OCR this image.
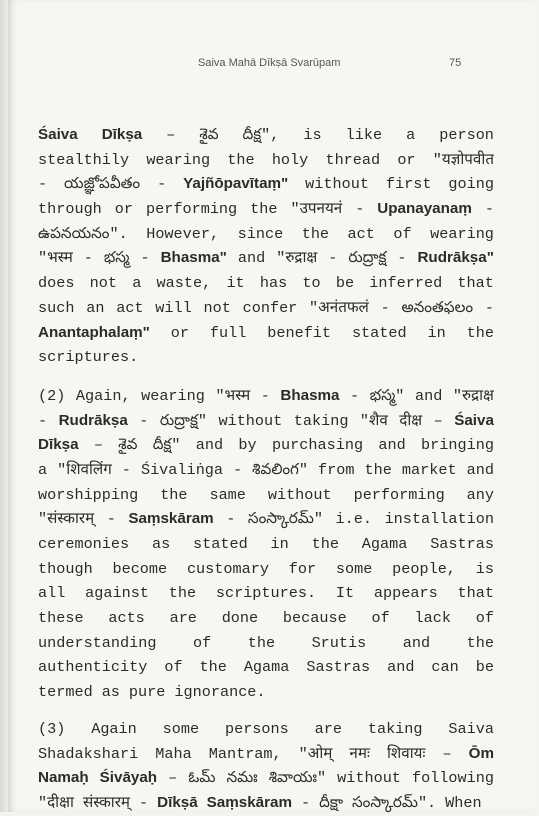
Saiva Mahā Dīkṣā Svarūpam	75
Śaiva Dīkṣa – శైవ దీక్ష", is like a person
stealthily wearing the holy thread or "यज्ञोपवीत
- యజ్ఞోపవీతం - Yajñōpavītaṃ" without first going
through or performing the "उपनयनं - Upanayanaṃ -
ఉపనయనం". However, since the act of wearing
"भस्म - భస్మ - Bhasma" and "रुद्राक्ष - రుద్రాక్ష - Rudrākṣa"
does not a waste, it has to be inferred that
such an act will not confer "अनंतफलं - అనంతఫలం -
Anantaphalaṃ" or full benefit stated in the
scriptures.
(2) Again, wearing "भस्म - Bhasma - భస్మ" and "रुद्राक्ष
- Rudrākṣa - రుద్రాక్ష" without taking "शैव दीक्ष – Śaiva
Dīkṣa – శైవ దీక్ష" and by purchasing and bringing
a "शिवलिंग - Śivaliṅga - శివలింగ" from the market and
worshipping the same without performing any
"संस्कारम् - Saṃskāram - సంస్కారమ్" i.e. installation
ceremonies as stated in the Agama Sastras
though become customary for some people, is
all against the scriptures. It appears that
these acts are done because of lack of
understanding of the Srutis and the
authenticity of the Agama Sastras and can be
termed as pure ignorance.
(3) Again some persons are taking Saiva
Shadakshari Maha Mantram, "ओम् नमः शिवायः – Ōm
Namaḥ Śivāyaḥ – ఓమ్ నమః శివాయః" without following
"दीक्षा संस्कारम् - Dīkṣā Saṃskāram - దీక్షా సంస్కారమ్". When
